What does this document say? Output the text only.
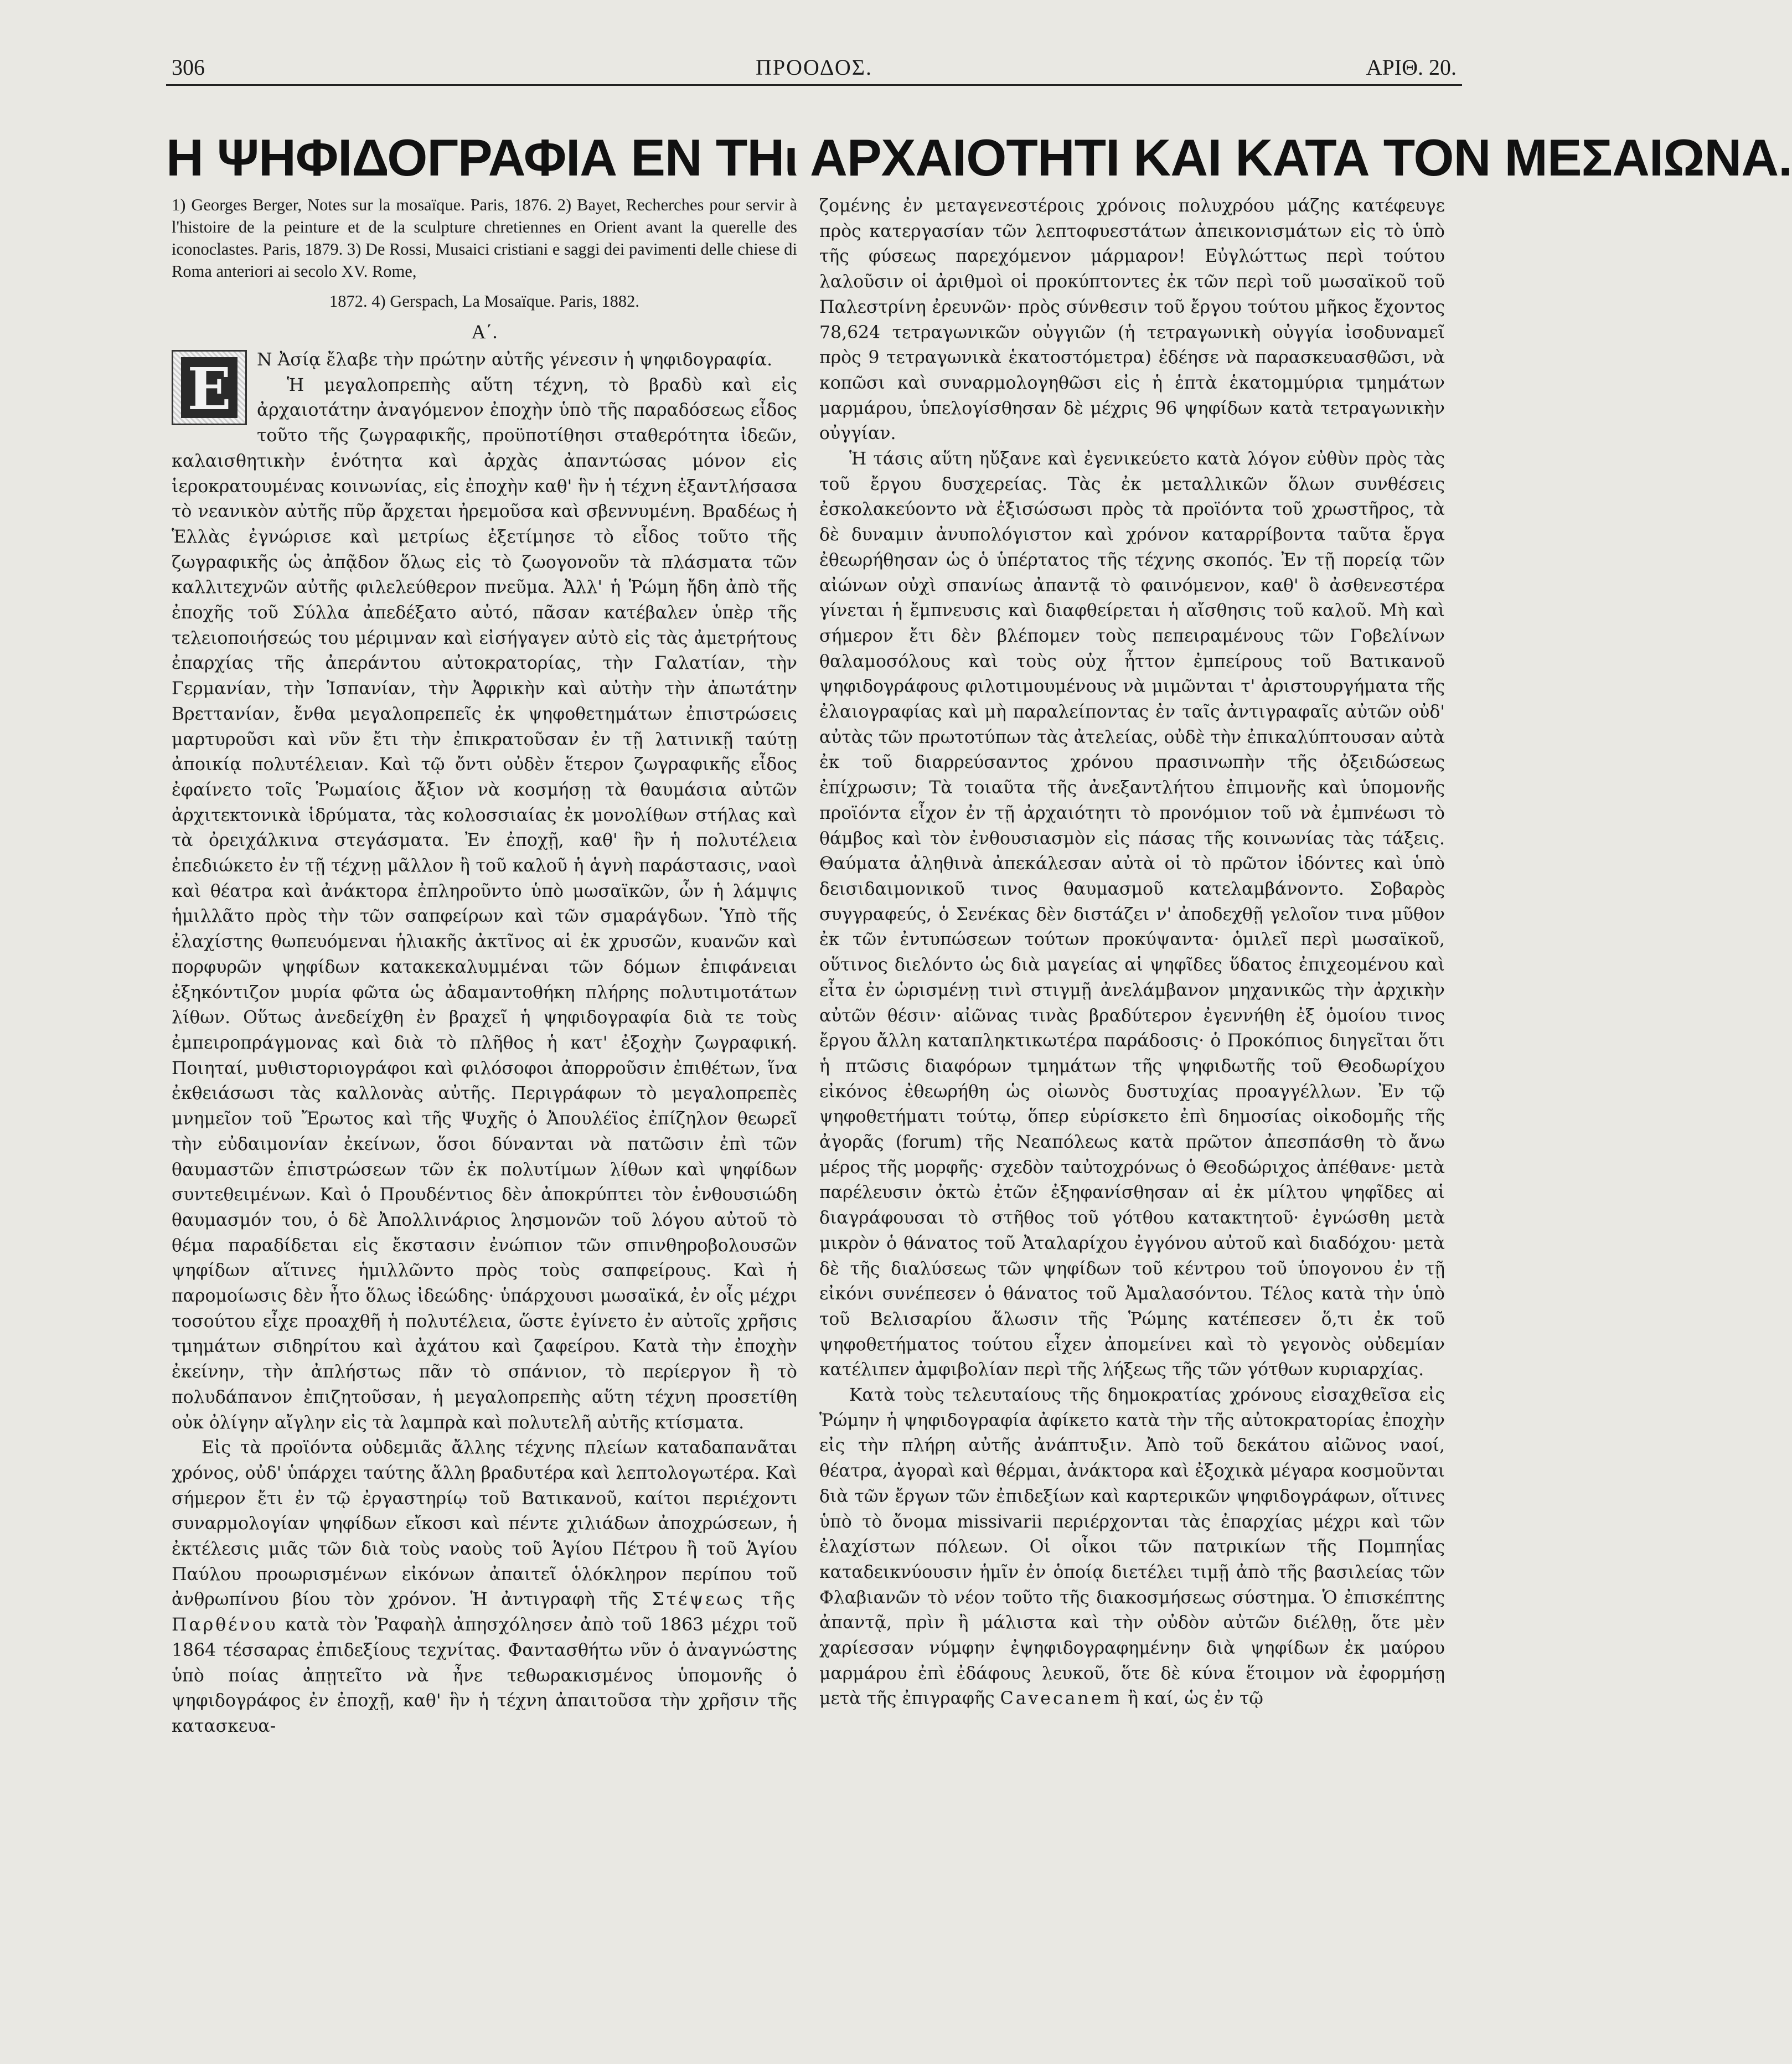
306	ΠΡΟΟΔΟΣ.	ΑΡΙΘ. 20.
Η ΨΗΦΙΔΟΓΡΑΦΙΑ ΕΝ ΤΗι ΑΡΧΑΙΟΤΗΤΙ ΚΑΙ ΚΑΤΑ ΤΟΝ ΜΕΣΑΙΩΝΑ.

1) Georges Berger, Notes sur la mosaïque. Paris, 1876. 2) Bayet, Recherches pour servir à l'histoire de la peinture et de la sculpture chretiennes en Orient avant la querelle des iconoclastes. Paris, 1879. 3) De Rossi, Musaici cristiani e saggi dei pavimenti delle chiese di Roma anteriori ai secolo XV. Rome,

1872. 4) Gerspach, La Mosaïque. Paris, 1882.

Α΄.
Ε	Ν Ἀσίᾳ ἔλαβε τὴν πρώτην αὐτῆς γένεσιν ἡ ψηφιδογραφία.

Ἡ μεγαλοπρεπὴς αὕτη τέχνη, τὸ βραδὺ καὶ εἰς ἀρχαιοτάτην ἀναγόμενον ἐποχὴν ὑπὸ τῆς παραδόσεως εἶδος τοῦτο τῆς ζωγραφικῆς, προϋποτίθησι σταθερότητα ἰδεῶν, καλαισθητικὴν ἑνότητα καὶ ἀρχὰς ἀπαντώσας μόνον εἰς ἱεροκρατουμένας κοινωνίας, εἰς ἐποχὴν καθ' ἣν ἡ τέχνη ἐξαντλήσασα τὸ νεανικὸν αὐτῆς πῦρ ἄρχεται ἠρεμοῦσα καὶ σβεννυμένη. Βραδέως ἡ Ἑλλὰς ἐγνώρισε καὶ μετρίως ἐξετίμησε τὸ εἶδος τοῦτο τῆς ζωγραφικῆς ὡς ἀπᾷδον ὅλως εἰς τὸ ζωογονοῦν τὰ πλάσματα τῶν καλλιτεχνῶν αὐτῆς φιλελεύθερον πνεῦμα. Ἀλλ' ἡ Ῥώμη ἤδη ἀπὸ τῆς ἐποχῆς τοῦ Σύλλα ἀπεδέξατο αὐτό, πᾶσαν κατέβαλεν ὑπὲρ τῆς τελειοποιήσεώς του μέριμναν καὶ εἰσήγαγεν αὐτὸ εἰς τὰς ἀμετρήτους ἐπαρχίας τῆς ἀπεράντου αὐτοκρατορίας, τὴν Γαλατίαν, τὴν Γερμανίαν, τὴν Ἱσπανίαν, τὴν Ἀφρικὴν καὶ αὐτὴν τὴν ἀπωτάτην Βρεττανίαν, ἔνθα μεγαλοπρεπεῖς ἐκ ψηφοθετημάτων ἐπιστρώσεις μαρτυροῦσι καὶ νῦν ἔτι τὴν ἐπικρατοῦσαν ἐν τῇ λατινικῇ ταύτῃ ἀποικίᾳ πολυτέλειαν. Καὶ τῷ ὄντι οὐδὲν ἕτερον ζωγραφικῆς εἶδος ἐφαίνετο τοῖς Ῥωμαίοις ἄξιον νὰ κοσμήσῃ τὰ θαυμάσια αὐτῶν ἀρχιτεκτονικὰ ἱδρύματα, τὰς κολοσσιαίας ἐκ μονολίθων στήλας καὶ τὰ ὀρειχάλκινα στεγάσματα. Ἐν ἐποχῇ, καθ' ἣν ἡ πολυτέλεια ἐπεδιώκετο ἐν τῇ τέχνῃ μᾶλλον ἢ τοῦ καλοῦ ἡ ἁγνὴ παράστασις, ναοὶ καὶ θέατρα καὶ ἀνάκτορα ἐπληροῦντο ὑπὸ μωσαϊκῶν, ὧν ἡ λάμψις ἡμιλλᾶτο πρὸς τὴν τῶν σαπφείρων καὶ τῶν σμαράγδων. Ὑπὸ τῆς ἐλαχίστης θωπευόμεναι ἡλιακῆς ἀκτῖνος αἱ ἐκ χρυσῶν, κυανῶν καὶ πορφυρῶν ψηφίδων κατακεκαλυμμέναι τῶν δόμων ἐπιφάνειαι ἐξηκόντιζον μυρία φῶτα ὡς ἀδαμαντοθήκη πλήρης πολυτιμοτάτων λίθων. Οὕτως ἀνεδείχθη ἐν βραχεῖ ἡ ψηφιδογραφία διὰ τε τοὺς ἐμπειροπράγμονας καὶ διὰ τὸ πλῆθος ἡ κατ' ἐξοχὴν ζωγραφική. Ποιηταί, μυθιστοριογράφοι καὶ φιλόσοφοι ἀπορροῦσιν ἐπιθέτων, ἵνα ἐκθειάσωσι τὰς καλλονὰς αὐτῆς. Περιγράφων τὸ μεγαλοπρεπὲς μνημεῖον τοῦ Ἔρωτος καὶ τῆς Ψυχῆς ὁ Ἀπουλέϊος ἐπίζηλον θεωρεῖ τὴν εὐδαιμονίαν ἐκείνων, ὅσοι δύνανται νὰ πατῶσιν ἐπὶ τῶν θαυμαστῶν ἐπιστρώσεων τῶν ἐκ πολυτίμων λίθων καὶ ψηφίδων συντεθειμένων. Καὶ ὁ Προυδέντιος δὲν ἀποκρύπτει τὸν ἐνθουσιώδη θαυμασμόν του, ὁ δὲ Ἀπολλινάριος λησμονῶν τοῦ λόγου αὐτοῦ τὸ θέμα παραδίδεται εἰς ἔκστασιν ἐνώπιον τῶν σπινθηροβολουσῶν ψηφίδων αἵτινες ἡμιλλῶντο πρὸς τοὺς σαπφείρους. Καὶ ἡ παρομοίωσις δὲν ἦτο ὅλως ἰδεώδης· ὑπάρχουσι μωσαϊκά, ἐν οἷς μέχρι τοσούτου εἶχε προαχθῆ ἡ πολυτέλεια, ὥστε ἐγίνετο ἐν αὐτοῖς χρῆσις τμημάτων σιδηρίτου καὶ ἀχάτου καὶ ζαφείρου. Κατὰ τὴν ἐποχὴν ἐκείνην, τὴν ἀπλήστως πᾶν τὸ σπάνιον, τὸ περίεργον ἢ τὸ πολυδάπανον ἐπιζητοῦσαν, ἡ μεγαλοπρεπὴς αὕτη τέχνη προσετίθη οὐκ ὀλίγην αἴγλην εἰς τὰ λαμπρὰ καὶ πολυτελῆ αὐτῆς κτίσματα.

Εἰς τὰ προϊόντα οὐδεμιᾶς ἄλλης τέχνης πλείων καταδαπανᾶται χρόνος, οὐδ' ὑπάρχει ταύτης ἄλλη βραδυτέρα καὶ λεπτολογωτέρα. Καὶ σήμερον ἔτι ἐν τῷ ἐργαστηρίῳ τοῦ Βατικανοῦ, καίτοι περιέχοντι συναρμολογίαν ψηφίδων εἴκοσι καὶ πέντε χιλιάδων ἀποχρώσεων, ἡ ἐκτέλεσις μιᾶς τῶν διὰ τοὺς ναοὺς τοῦ Ἁγίου Πέτρου ἢ τοῦ Ἁγίου Παύλου προωρισμένων εἰκόνων ἀπαιτεῖ ὁλόκληρον περίπου τοῦ ἀνθρωπίνου βίου τὸν χρόνον. Ἡ ἀντιγραφὴ τῆς Στέψεως τῆς Παρθένου κατὰ τὸν Ῥαφαὴλ ἀπησχόλησεν ἀπὸ τοῦ 1863 μέχρι τοῦ 1864 τέσσαρας ἐπιδεξίους τεχνίτας. Φαντασθήτω νῦν ὁ ἀναγνώστης ὑπὸ ποίας ἀπῃτεῖτο νὰ ἦνε τεθωρακισμένος ὑπομονῆς ὁ ψηφιδογράφος ἐν ἐποχῇ, καθ' ἣν ἡ τέχνη ἀπαιτοῦσα τὴν χρῆσιν τῆς κατασκευα-

ζομένης ἐν μεταγενεστέροις χρόνοις πολυχρόου μάζης κατέφευγε πρὸς κατεργασίαν τῶν λεπτοφυεστάτων ἀπεικονισμάτων εἰς τὸ ὑπὸ τῆς φύσεως παρεχόμενον μάρμαρον! Εὐγλώττως περὶ τούτου λαλοῦσιν οἱ ἀριθμοὶ οἱ προκύπτοντες ἐκ τῶν περὶ τοῦ μωσαϊκοῦ τοῦ Παλεστρίνη ἐρευνῶν· πρὸς σύνθεσιν τοῦ ἔργου τούτου μῆκος ἔχοντος 78,624 τετραγωνικῶν οὐγγιῶν (ἡ τετραγωνικὴ οὐγγία ἰσοδυναμεῖ πρὸς 9 τετραγωνικὰ ἑκατοστόμετρα) ἐδέησε νὰ παρασκευασθῶσι, νὰ κοπῶσι καὶ συναρμολογηθῶσι εἰς ἡ ἑπτὰ ἑκατομμύρια τμημάτων μαρμάρου, ὑπελογίσθησαν δὲ μέχρις 96 ψηφίδων κατὰ τετραγωνικὴν οὐγγίαν.

Ἡ τάσις αὕτη ηὔξανε καὶ ἐγενικεύετο κατὰ λόγον εὐθὺν πρὸς τὰς τοῦ ἔργου δυσχερείας. Τὰς ἐκ μεταλλικῶν ὅλων συνθέσεις ἐσκολακεύοντο νὰ ἐξισώσωσι πρὸς τὰ προϊόντα τοῦ χρωστῆρος, τὰ δὲ δυναμιν ἀνυπολόγιστον καὶ χρόνον καταρρίβοντα ταῦτα ἔργα ἐθεωρήθησαν ὡς ὁ ὑπέρτατος τῆς τέχνης σκοπός. Ἐν τῇ πορείᾳ τῶν αἰώνων οὐχὶ σπανίως ἀπαντᾷ τὸ φαινόμενον, καθ' ὃ ἀσθενεστέρα γίνεται ἡ ἔμπνευσις καὶ διαφθείρεται ἡ αἴσθησις τοῦ καλοῦ. Μὴ καὶ σήμερον ἔτι δὲν βλέπομεν τοὺς πεπειραμένους τῶν Γοβελίνων θαλαμοσόλους καὶ τοὺς οὐχ ἧττον ἐμπείρους τοῦ Βατικανοῦ ψηφιδογράφους φιλοτιμουμένους νὰ μιμῶνται τ' ἀριστουργήματα τῆς ἐλαιογραφίας καὶ μὴ παραλείποντας ἐν ταῖς ἀντιγραφαῖς αὐτῶν οὐδ' αὐτὰς τῶν πρωτοτύπων τὰς ἀτελείας, οὐδὲ τὴν ἐπικαλύπτουσαν αὐτὰ ἐκ τοῦ διαρρεύσαντος χρόνου πρασινωπὴν τῆς ὀξειδώσεως ἐπίχρωσιν; Τὰ τοιαῦτα τῆς ἀνεξαντλήτου ἐπιμονῆς καὶ ὑπομονῆς προϊόντα εἶχον ἐν τῇ ἀρχαιότητι τὸ προνόμιον τοῦ νὰ ἐμπνέωσι τὸ θάμβος καὶ τὸν ἐνθουσιασμὸν εἰς πάσας τῆς κοινωνίας τὰς τάξεις. Θαύματα ἀληθινὰ ἀπεκάλεσαν αὐτὰ οἱ τὸ πρῶτον ἰδόντες καὶ ὑπὸ δεισιδαιμονικοῦ τινος θαυμασμοῦ κατελαμβάνοντο. Σοβαρὸς συγγραφεύς, ὁ Σενέκας δὲν διστάζει ν' ἀποδεχθῇ γελοῖον τινα μῦθον ἐκ τῶν ἐντυπώσεων τούτων προκύψαντα· ὁμιλεῖ περὶ μωσαϊκοῦ, οὕτινος διελόντο ὡς διὰ μαγείας αἱ ψηφῖδες ὕδατος ἐπιχεομένου καὶ εἶτα ἐν ὡρισμένῃ τινὶ στιγμῇ ἀνελάμβανον μηχανικῶς τὴν ἀρχικὴν αὐτῶν θέσιν· αἰῶνας τινὰς βραδύτερον ἐγεννήθη ἐξ ὁμοίου τινος ἔργου ἄλλη καταπληκτικωτέρα παράδοσις· ὁ Προκόπιος διηγεῖται ὅτι ἡ πτῶσις διαφόρων τμημάτων τῆς ψηφιδωτῆς τοῦ Θεοδωρίχου εἰκόνος ἐθεωρήθη ὡς οἰωνὸς δυστυχίας προαγγέλλων. Ἐν τῷ ψηφοθετήματι τούτῳ, ὅπερ εὑρίσκετο ἐπὶ δημοσίας οἰκοδομῆς τῆς ἀγορᾶς (forum) τῆς Νεαπόλεως κατὰ πρῶτον ἀπεσπάσθη τὸ ἄνω μέρος τῆς μορφῆς· σχεδὸν ταὐτοχρόνως ὁ Θεοδώριχος ἀπέθανε· μετὰ παρέλευσιν ὀκτὼ ἐτῶν ἐξηφανίσθησαν αἱ ἐκ μίλτου ψηφῖδες αἱ διαγράφουσαι τὸ στῆθος τοῦ γότθου κατακτητοῦ· ἐγνώσθη μετὰ μικρὸν ὁ θάνατος τοῦ Ἀταλαρίχου ἐγγόνου αὐτοῦ καὶ διαδόχου· μετὰ δὲ τῆς διαλύσεως τῶν ψηφίδων τοῦ κέντρου τοῦ ὑπογονου ἐν τῇ εἰκόνι συνέπεσεν ὁ θάνατος τοῦ Ἀμαλασόντου. Τέλος κατὰ τὴν ὑπὸ τοῦ Βελισαρίου ἅλωσιν τῆς Ῥώμης κατέπεσεν ὅ,τι ἐκ τοῦ ψηφοθετήματος τούτου εἶχεν ἀπομείνει καὶ τὸ γεγονὸς οὐδεμίαν κατέλιπεν ἀμφιβολίαν περὶ τῆς λήξεως τῆς τῶν γότθων κυριαρχίας.

Κατὰ τοὺς τελευταίους τῆς δημοκρατίας χρόνους εἰσαχθεῖσα εἰς Ῥώμην ἡ ψηφιδογραφία ἀφίκετο κατὰ τὴν τῆς αὐτοκρατορίας ἐποχὴν εἰς τὴν πλήρη αὐτῆς ἀνάπτυξιν. Ἀπὸ τοῦ δεκάτου αἰῶνος ναοί, θέατρα, ἀγοραὶ καὶ θέρμαι, ἀνάκτορα καὶ ἐξοχικὰ μέγαρα κοσμοῦνται διὰ τῶν ἔργων τῶν ἐπιδεξίων καὶ καρτερικῶν ψηφιδογράφων, οἵτινες ὑπὸ τὸ ὄνομα missivarii περιέρχονται τὰς ἐπαρχίας μέχρι καὶ τῶν ἐλαχίστων πόλεων. Οἱ οἶκοι τῶν πατρικίων τῆς Πομπηΐας καταδεικνύουσιν ἡμῖν ἐν ὁποίᾳ διετέλει τιμῇ ἀπὸ τῆς βασιλείας τῶν Φλαβιανῶν τὸ νέον τοῦτο τῆς διακοσμήσεως σύστημα. Ὁ ἐπισκέπτης ἀπαντᾷ, πρὶν ἢ μάλιστα καὶ τὴν οὐδὸν αὐτῶν διέλθῃ, ὅτε μὲν χαρίεσσαν νύμφην ἐψηφιδογραφημένην διὰ ψηφίδων ἐκ μαύρου μαρμάρου ἐπὶ ἐδάφους λευκοῦ, ὅτε δὲ κύνα ἕτοιμον νὰ ἐφορμήσῃ μετὰ τῆς ἐπιγραφῆς Cavecanem ἢ καί, ὡς ἐν τῷ
